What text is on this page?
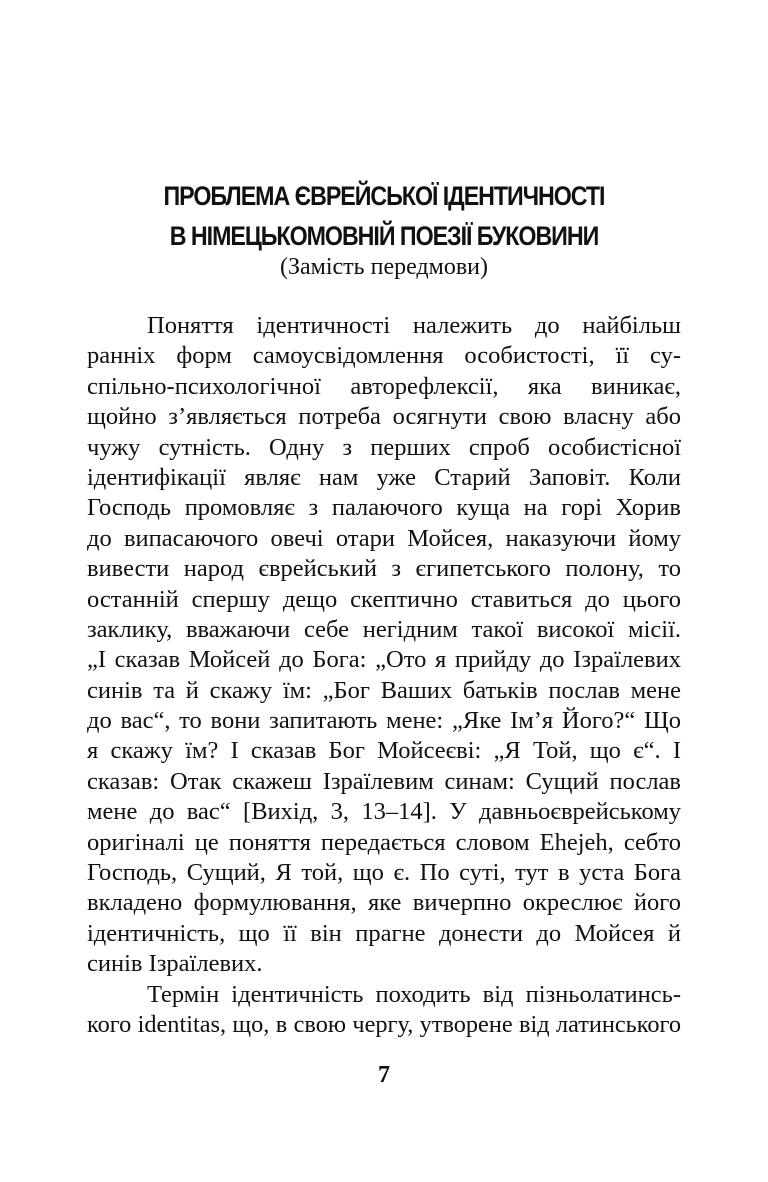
ПРОБЛЕМА ЄВРЕЙСЬКОЇ ІДЕНТИЧНОСТІ
В НІМЕЦЬКОМОВНІЙ ПОЕЗІЇ БУКОВИНИ
(Замість передмови)
Поняття ідентичності належить до найбільш
ранніх форм самоусвідомлення особистості, її су-
спільно-психологічної авторефлексії, яка виникає,
щойно з’являється потреба осягнути свою власну або
чужу сутність. Одну з перших спроб особистісної
ідентифікації являє нам уже Старий Заповіт. Коли
Господь промовляє з палаючого куща на горі Хорив
до випасаючого овечі отари Мойсея, наказуючи йому
вивести народ єврейський з єгипетського полону, то
останній спершу дещо скептично ставиться до цього
заклику, вважаючи себе негідним такої високої місії.
„І сказав Мойсей до Бога: „Ото я прийду до Ізраїлевих
синів та й скажу їм: „Бог Ваших батьків послав мене
до вас“, то вони запитають мене: „Яке Ім’я Його?“ Що
я скажу їм? І сказав Бог Мойсеєві: „Я Той, що є“. І
сказав: Отак скажеш Ізраїлевим синам: Сущий послав
мене до вас“ [Вихід, 3, 13–14]. У давньоєврейському
оригіналі це поняття передається словом Ehejeh, себто
Господь, Сущий, Я той, що є. По суті, тут в уста Бога
вкладено формулювання, яке вичерпно окреслює його
ідентичність, що її він прагне донести до Мойсея й
синів Ізраїлевих.
Термін ідентичність походить від пізньолатинсь-
кого identitas, що, в свою чергу, утворене від латинського
7
